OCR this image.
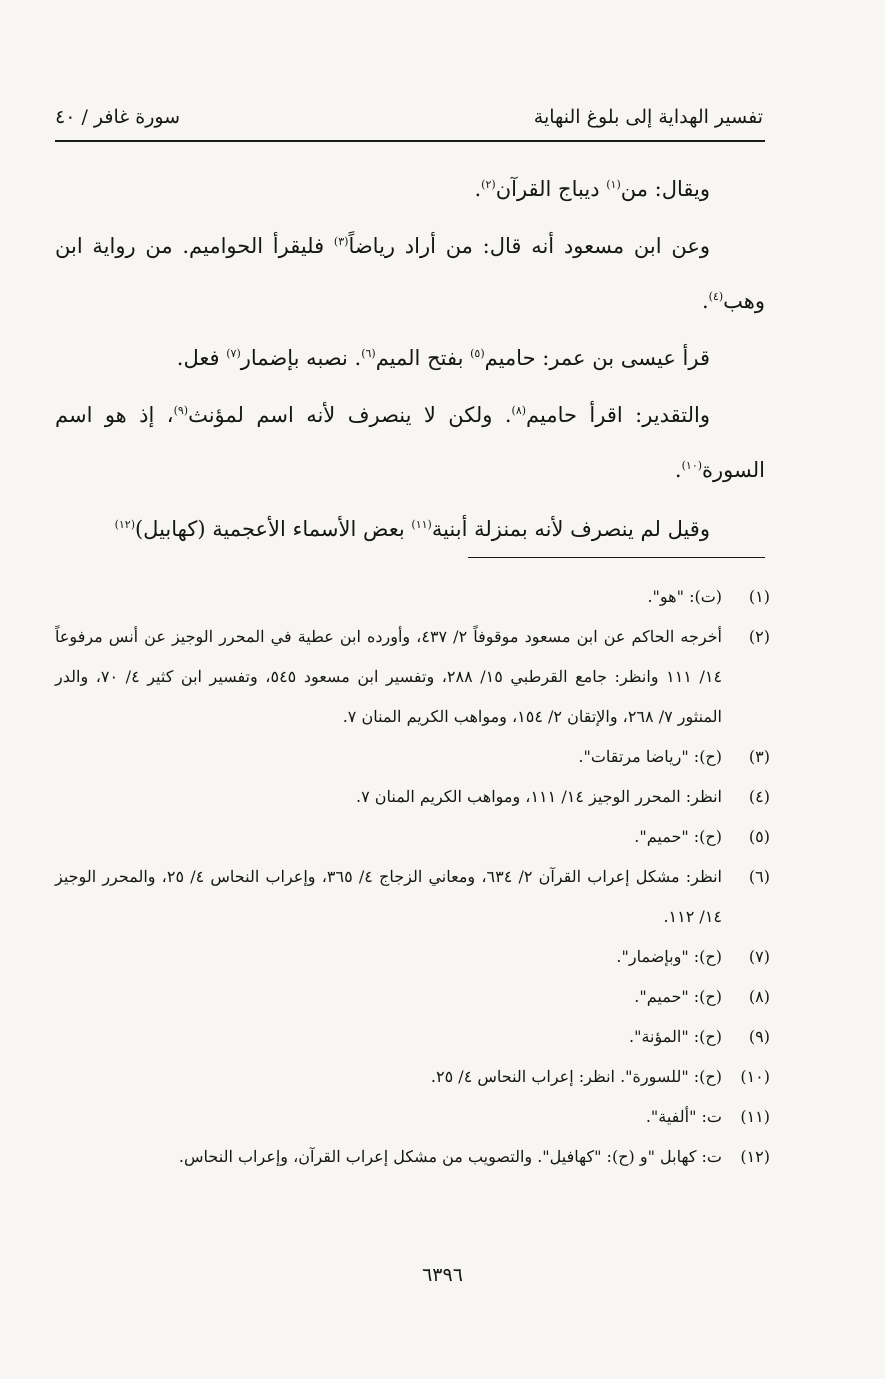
تفسير الهداية إلى بلوغ النهاية
سورة غافر / ٤٠

ويقال: من$^{(١)}$ ديباج القرآن$^{(٢)}$.

وعن ابن مسعود أنه قال: من أراد رياضاً$^{(٣)}$ فليقرأ الحواميم. من رواية ابن وهب$^{(٤)}$.

قرأ عيسى بن عمر: حاميم$^{(٥)}$ بفتح الميم$^{(٦)}$. نصبه بإضمار$^{(٧)}$ فعل.

والتقدير: اقرأ حاميم$^{(٨)}$. ولكن لا ينصرف لأنه اسم لمؤنث$^{(٩)}$، إذ هو اسم السورة$^{(١٠)}$.

وقيل لم ينصرف لأنه بمنزلة أبنية$^{(١١)}$ بعض الأسماء الأعجمية (كهابيل)$^{(١٢)}$

(١)
(ت): "هو".
(٢)
أخرجه الحاكم عن ابن مسعود موقوفاً ٢/ ٤٣٧، وأورده ابن عطية في المحرر الوجيز عن أنس مرفوعاً ١٤/ ١١١ وانظر: جامع القرطبي ١٥/ ٢٨٨، وتفسير ابن مسعود ٥٤٥، وتفسير ابن كثير ٤/ ٧٠، والدر المنثور ٧/ ٢٦٨، والإتقان ٢/ ١٥٤، ومواهب الكريم المنان ٧.
(٣)
(ح): "رياضا مرتقات".
(٤)
انظر: المحرر الوجيز ١٤/ ١١١، ومواهب الكريم المنان ٧.
(٥)
(ح): "حميم".
(٦)
انظر: مشكل إعراب القرآن ٢/ ٦٣٤، ومعاني الزجاج ٤/ ٣٦٥، وإعراب النحاس ٤/ ٢٥، والمحرر الوجيز ١٤/ ١١٢.
(٧)
(ح): "وبإضمار".
(٨)
(ح): "حميم".
(٩)
(ح): "المؤنة".
(١٠)
(ح): "للسورة". انظر: إعراب النحاس ٤/ ٢٥.
(١١)
ت: "ألفية".
(١٢)
ت: كهابل "و (ح): "كهافيل". والتصويب من مشكل إعراب القرآن، وإعراب النحاس.
٦٣٩٦
